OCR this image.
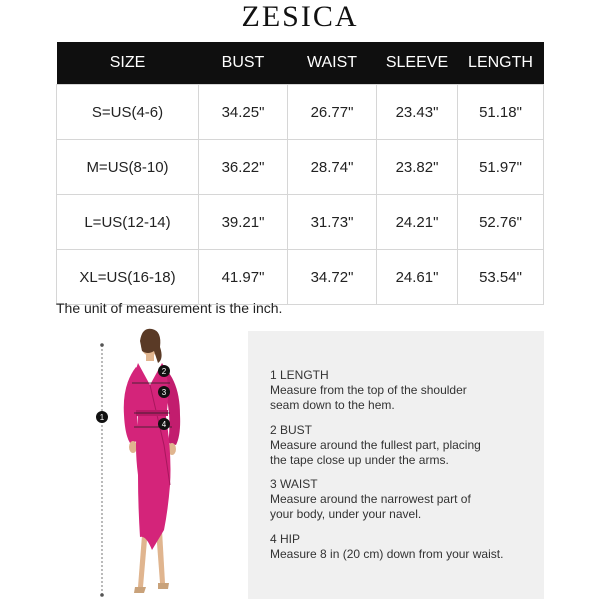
ZESICA
SIZE	BUST	WAIST	SLEEVE	LENGTH
S=US(4-6)	34.25"	26.77"	23.43"	51.18"
M=US(8-10)	36.22"	28.74"	23.82"	51.97"
L=US(12-14)	39.21"	31.73"	24.21"	52.76"
XL=US(16-18)	41.97"	34.72"	24.61"	53.54"
The unit of measurement is the inch.
1
2
3
4
1 LENGTH
Measure from the top of the shoulder
seam down to the hem.
2 BUST
Measure around the fullest part, placing
the tape close up under the arms.
3 WAIST
Measure around the narrowest part of
your body, under your navel.
4 HIP
Measure 8 in (20 cm) down from your waist.
